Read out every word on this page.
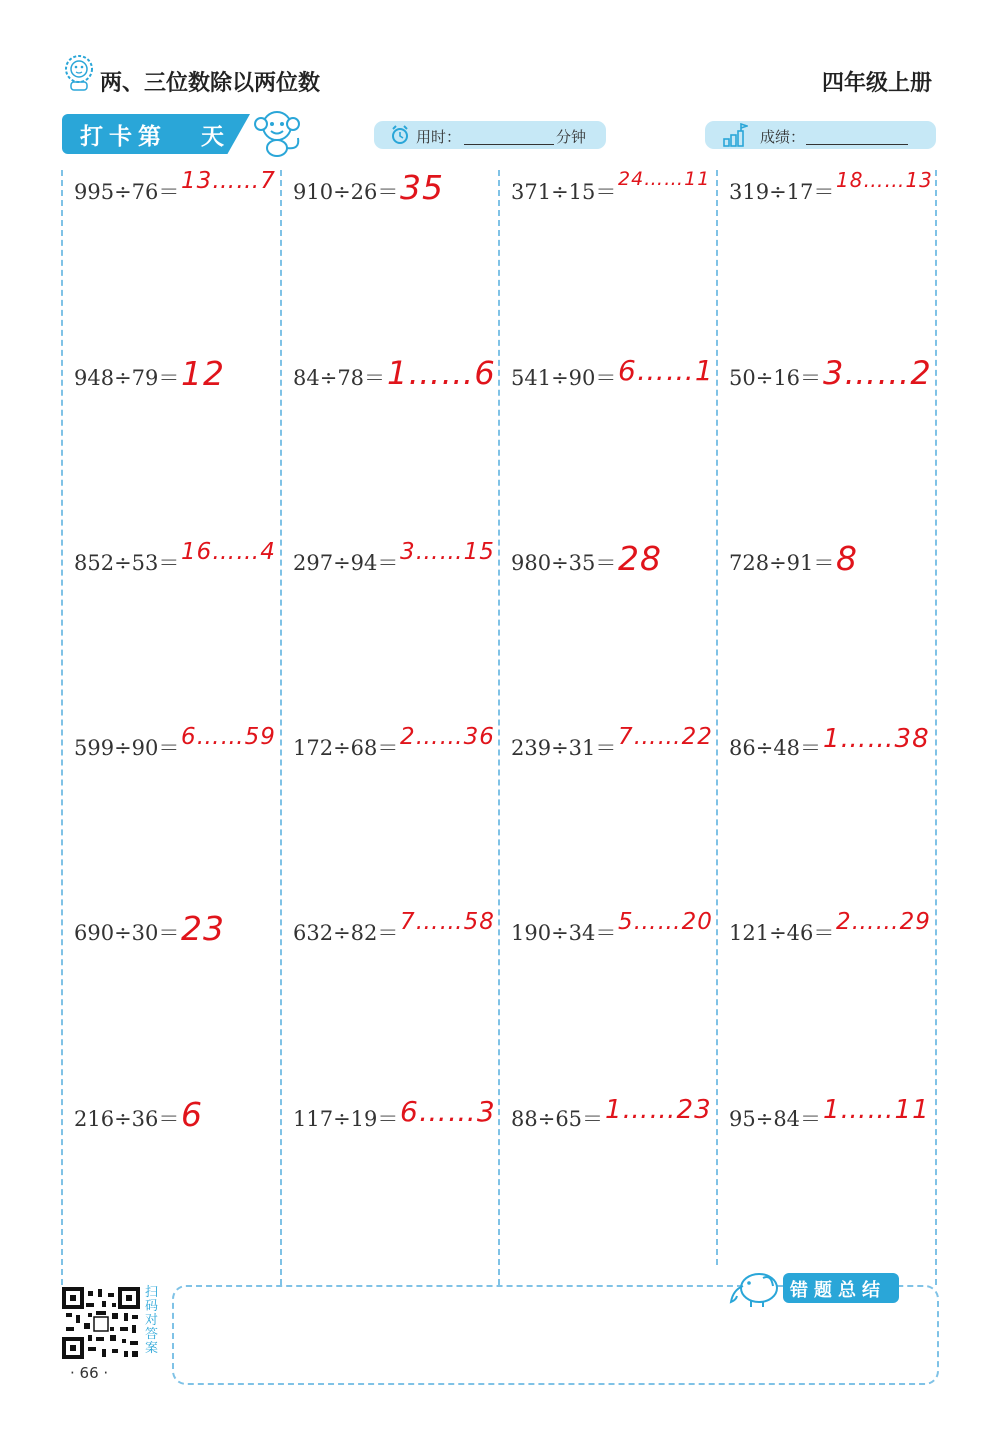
两、三位数除以两位数	四年级上册
打卡第 天	用时：	分钟	成绩：
995÷76＝ 13……7
948÷79＝ 12
852÷53＝ 16……4
599÷90＝ 6……59
690÷30＝ 23
216÷36＝ 6
910÷26＝ 35
84÷78＝ 1……6
297÷94＝ 3……15
172÷68＝ 2……36
632÷82＝ 7……58
117÷19＝ 6……3
371÷15＝
24……11
541÷90＝ 6……1
980÷35＝ 28
239÷31＝ 7……22
190÷34＝ 5……20
88÷65＝ 1……23
319÷17＝ 18……13
50÷16＝ 3……2
728÷91＝ 8
86÷48＝ 1……38
121÷46＝ 2……29
95÷84＝ 1……11
扫码对答案
错题总结
· 66 ·
